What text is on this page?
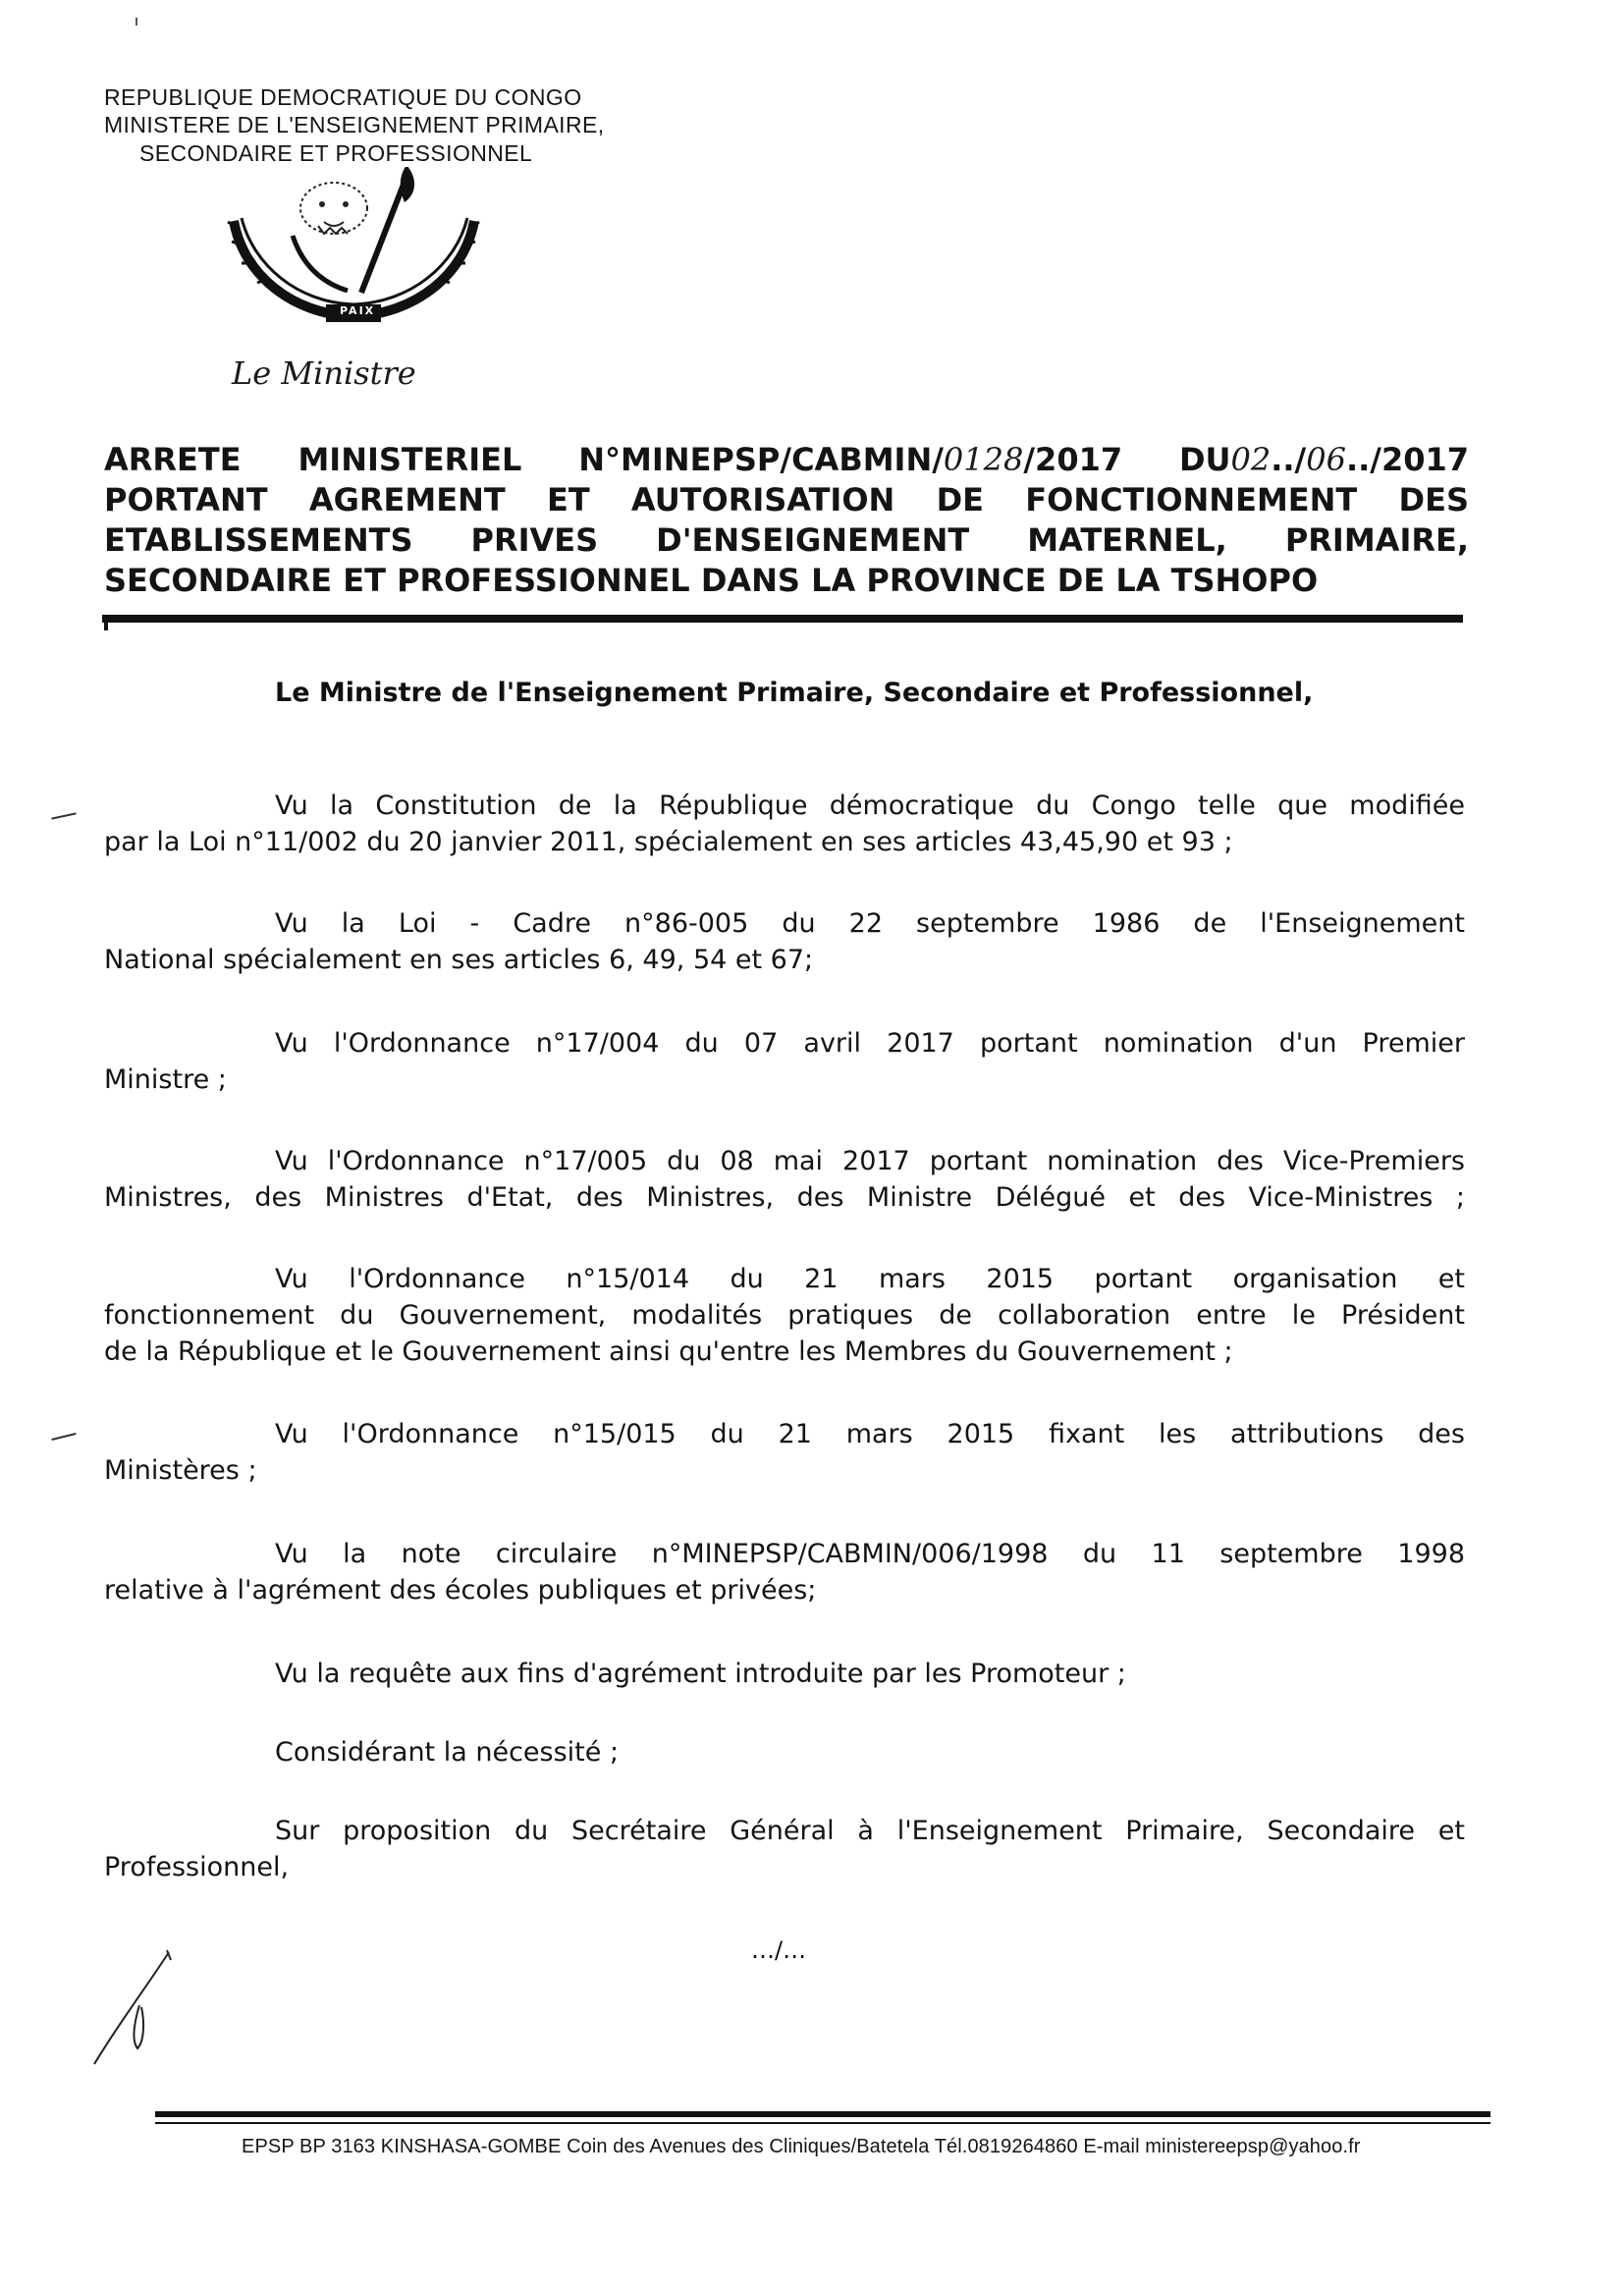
REPUBLIQUE DEMOCRATIQUE DU CONGO
MINISTERE DE L'ENSEIGNEMENT PRIMAIRE,
SECONDAIRE ET PROFESSIONNEL
PAIX
Le Ministre
ARRETE MINISTERIEL N°MINEPSP/CABMIN/0128/2017 DU02../06../2017
PORTANT AGREMENT ET AUTORISATION DE FONCTIONNEMENT DES
ETABLISSEMENTS PRIVES D'ENSEIGNEMENT MATERNEL, PRIMAIRE,
SECONDAIRE ET PROFESSIONNEL DANS LA PROVINCE DE LA TSHOPO
Le Ministre de l'Enseignement Primaire, Secondaire et Professionnel,
Vu la Constitution de la République démocratique du Congo telle que modifiée
par la Loi n°11/002 du 20 janvier 2011, spécialement en ses articles 43,45,90 et 93 ;
Vu la Loi - Cadre n°86-005 du 22 septembre 1986 de l'Enseignement
National spécialement en ses articles 6, 49, 54 et 67;
Vu l'Ordonnance n°17/004 du 07 avril 2017 portant nomination d'un Premier
Ministre ;
Vu l'Ordonnance n°17/005 du 08 mai 2017 portant nomination des Vice-Premiers
Ministres, des Ministres d'Etat, des Ministres, des Ministre Délégué et des Vice-Ministres ;
Vu l'Ordonnance n°15/014 du 21 mars 2015 portant organisation et
fonctionnement du Gouvernement, modalités pratiques de collaboration entre le Président
de la République et le Gouvernement ainsi qu'entre les Membres du Gouvernement ;
Vu l'Ordonnance n°15/015 du 21 mars 2015 fixant les attributions des
Ministères ;
Vu la note circulaire n°MINEPSP/CABMIN/006/1998 du 11 septembre 1998
relative à l'agrément des écoles publiques et privées;
Vu la requête aux fins d'agrément introduite par les Promoteur ;
Considérant la nécessité ;
Sur proposition du Secrétaire Général à l'Enseignement Primaire, Secondaire et
Professionnel,
…/…
EPSP BP 3163 KINSHASA-GOMBE Coin des Avenues des Cliniques/Batetela Tél.0819264860 E-mail ministereepsp@yahoo.fr
